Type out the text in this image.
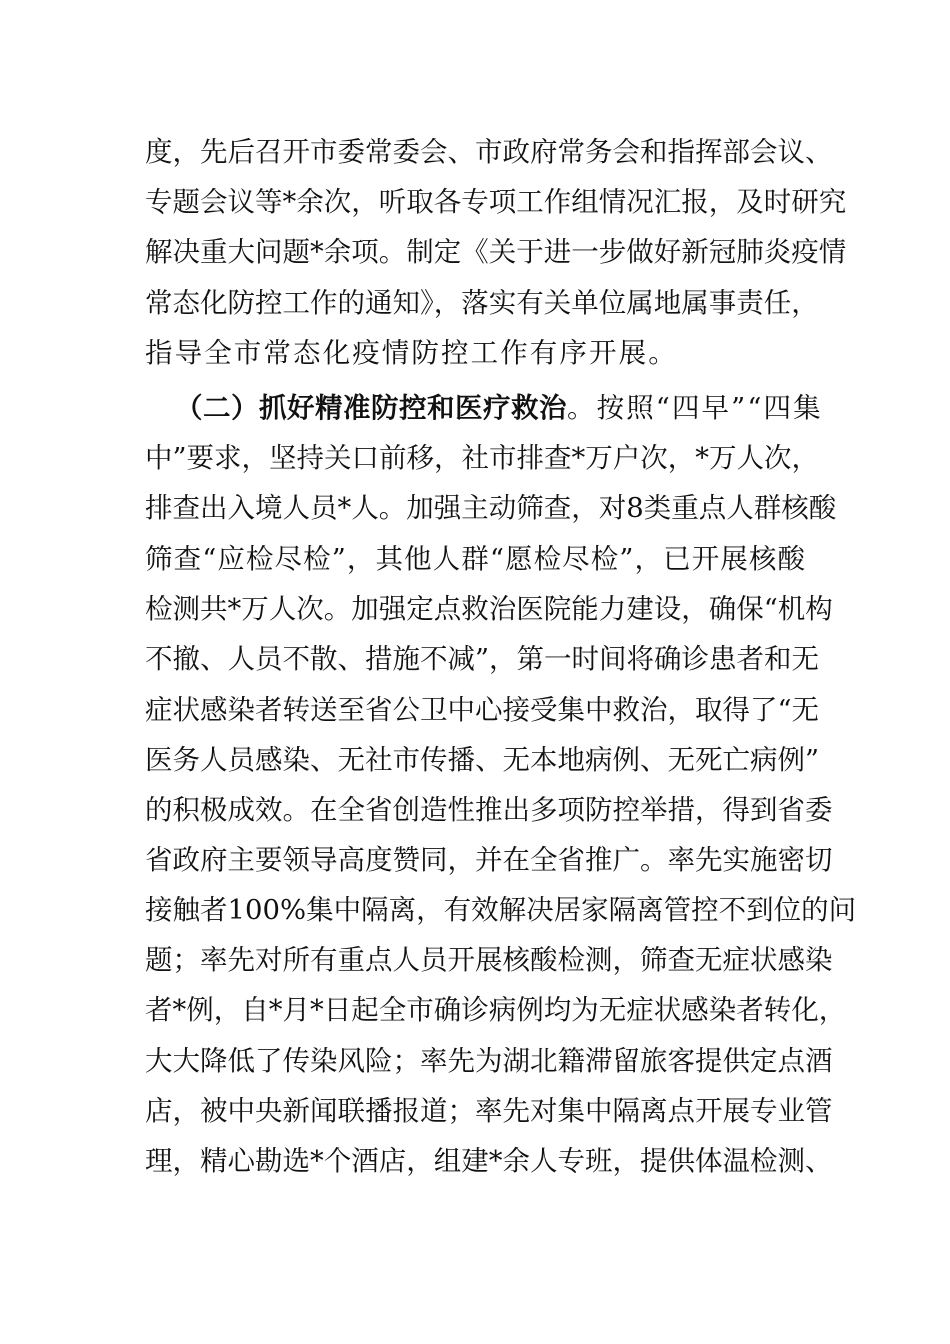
度，先后召开市委常委会、市政府常务会和指挥部会议、
专题会议等*余次，听取各专项工作组情况汇报，及时研究
解决重大问题*余项。制定《关于进一步做好新冠肺炎疫情
常态化防控工作的通知》，落实有关单位属地属事责任，
指导全市常态化疫情防控工作有序开展。
（二）抓好精准防控和医疗救治。按照“四早”“四集
中”要求，坚持关口前移，社市排查*万户次，*万人次，
排查出入境人员*人。加强主动筛查，对8类重点人群核酸
筛查“应检尽检”，其他人群“愿检尽检”，已开展核酸
检测共*万人次。加强定点救治医院能力建设，确保“机构
不撤、人员不散、措施不减”，第一时间将确诊患者和无
症状感染者转送至省公卫中心接受集中救治，取得了“无
医务人员感染、无社市传播、无本地病例、无死亡病例”
的积极成效。在全省创造性推出多项防控举措，得到省委
省政府主要领导高度赞同，并在全省推广。率先实施密切
接触者100%集中隔离，有效解决居家隔离管控不到位的问
题；率先对所有重点人员开展核酸检测，筛查无症状感染
者*例，自*月*日起全市确诊病例均为无症状感染者转化，
大大降低了传染风险；率先为湖北籍滞留旅客提供定点酒
店，被中央新闻联播报道；率先对集中隔离点开展专业管
理，精心勘选*个酒店，组建*余人专班，提供体温检测、
